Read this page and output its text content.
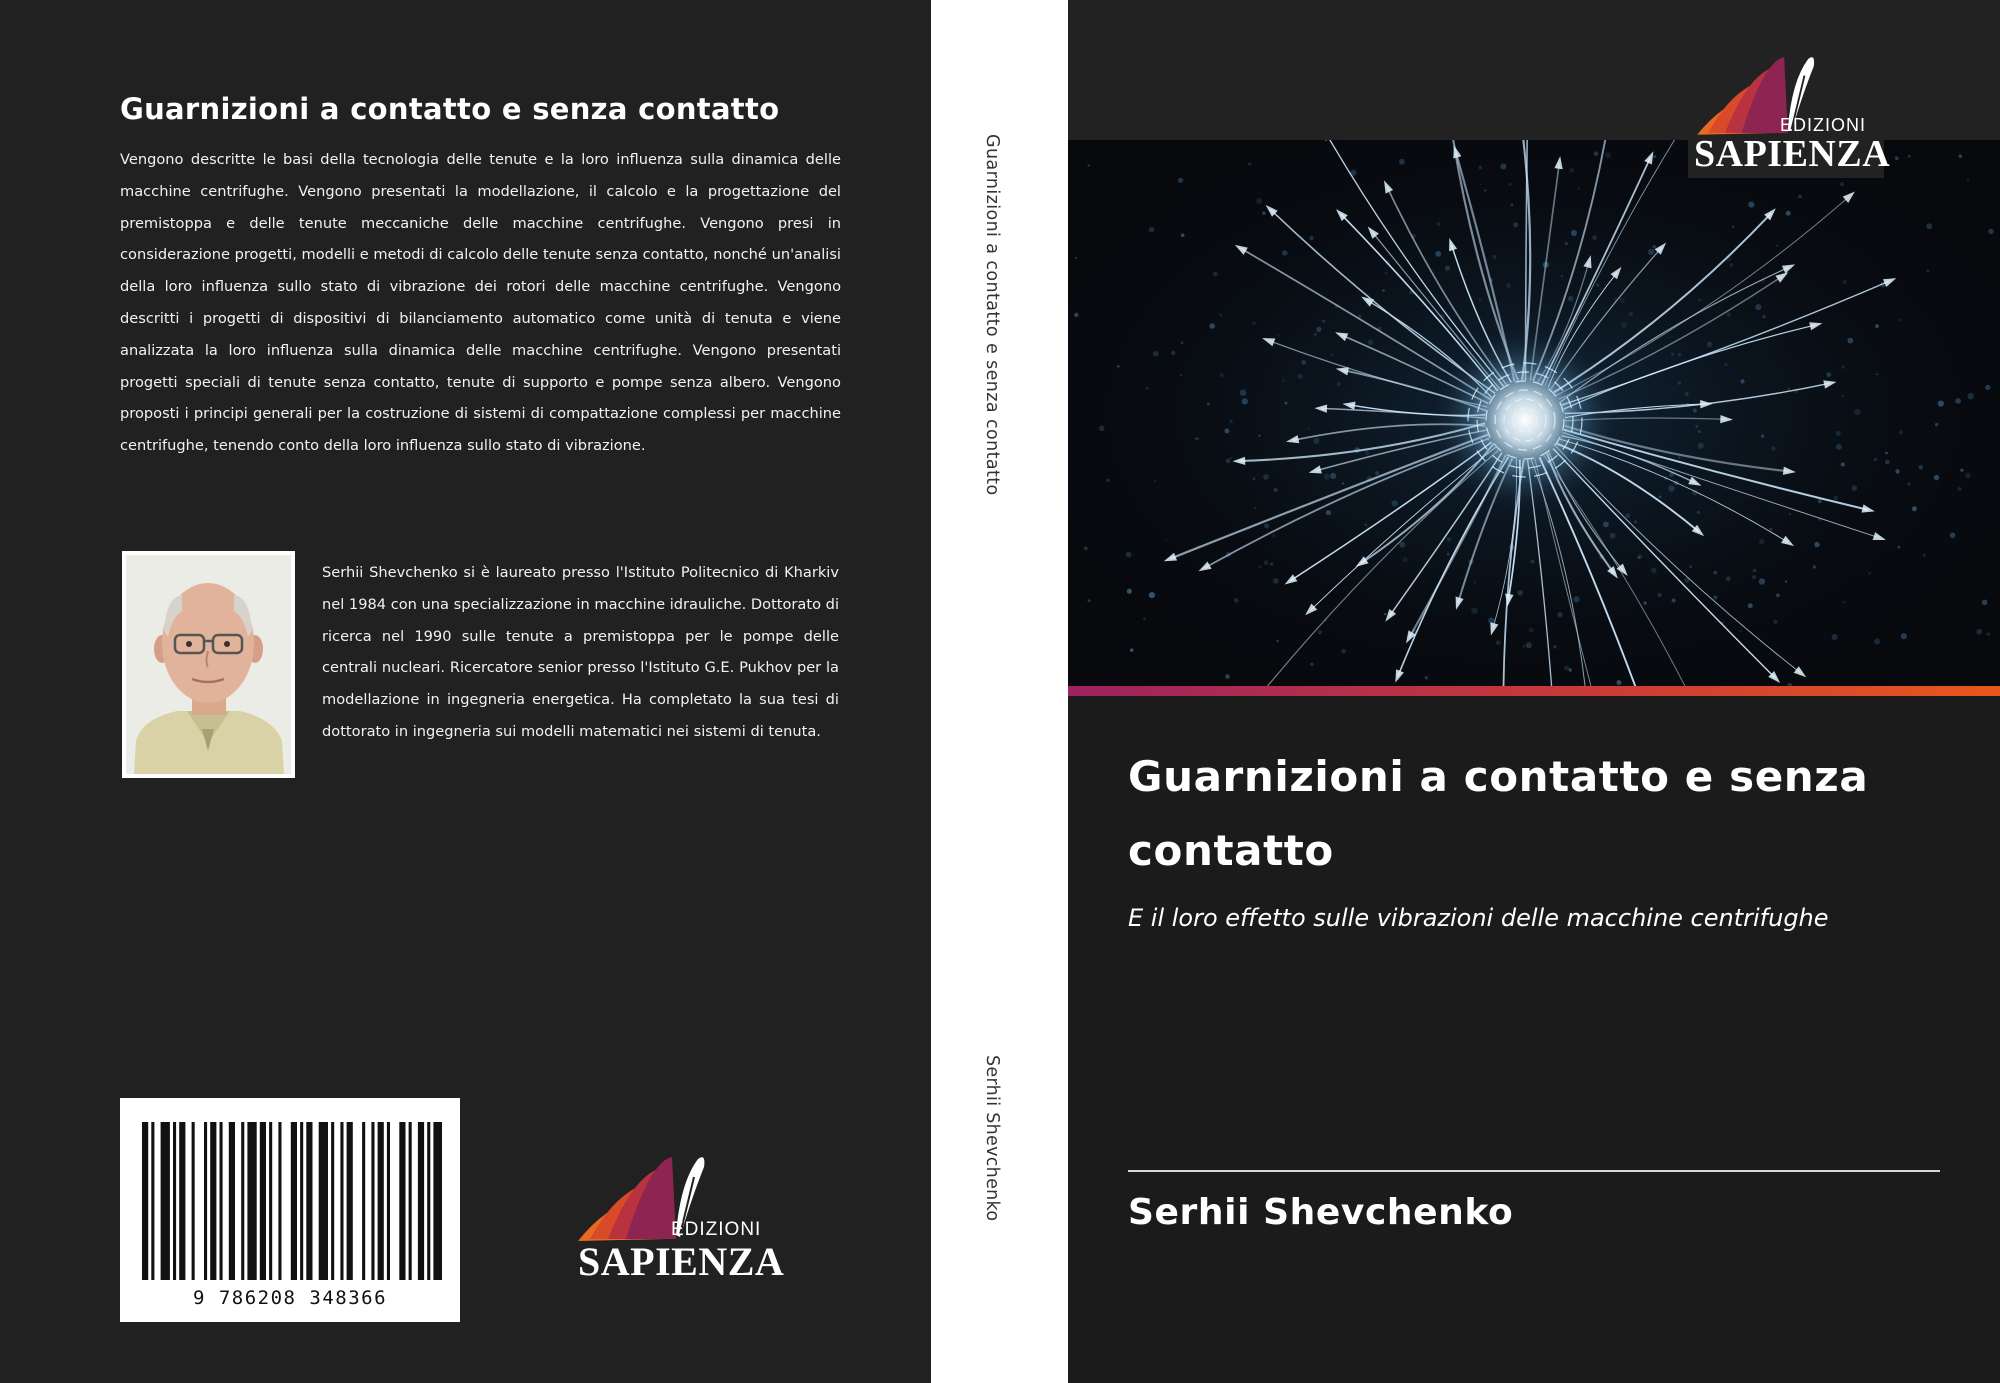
Guarnizioni a contatto e senza contatto

Vengono descritte le basi della tecnologia delle tenute e la loro influenza sulla dinamica delle macchine centrifughe. Vengono presentati la modellazione, il calcolo e la progettazione del premistoppa e delle tenute meccaniche delle macchine centrifughe. Vengono presi in considerazione progetti, modelli e metodi di calcolo delle tenute senza contatto, nonché un'analisi della loro influenza sullo stato di vibrazione dei rotori delle macchine centrifughe. Vengono descritti i progetti di dispositivi di bilanciamento automatico come unità di tenuta e viene analizzata la loro influenza sulla dinamica delle macchine centrifughe. Vengono presentati progetti speciali di tenute senza contatto, tenute di supporto e pompe senza albero. Vengono proposti i principi generali per la costruzione di sistemi di compattazione complessi per macchine centrifughe, tenendo conto della loro influenza sullo stato di vibrazione.

Serhii Shevchenko si è laureato presso l'Istituto Politecnico di Kharkiv nel 1984 con una specializzazione in macchine idrauliche. Dottorato di ricerca nel 1990 sulle tenute a premistoppa per le pompe delle centrali nucleari. Ricercatore senior presso l'Istituto G.E. Pukhov per la modellazione in ingegneria energetica. Ha completato la sua tesi di dottorato in ingegneria sui modelli matematici nei sistemi di tenuta.

9 786208 348366
EDIZIONI
SAPIENZA
Guarnizioni a contatto e senza contatto
Serhii Shevchenko
EDIZIONI
SAPIENZA
Guarnizioni a contatto e senza contatto

E il loro effetto sulle vibrazioni delle macchine centrifughe

Serhii Shevchenko
